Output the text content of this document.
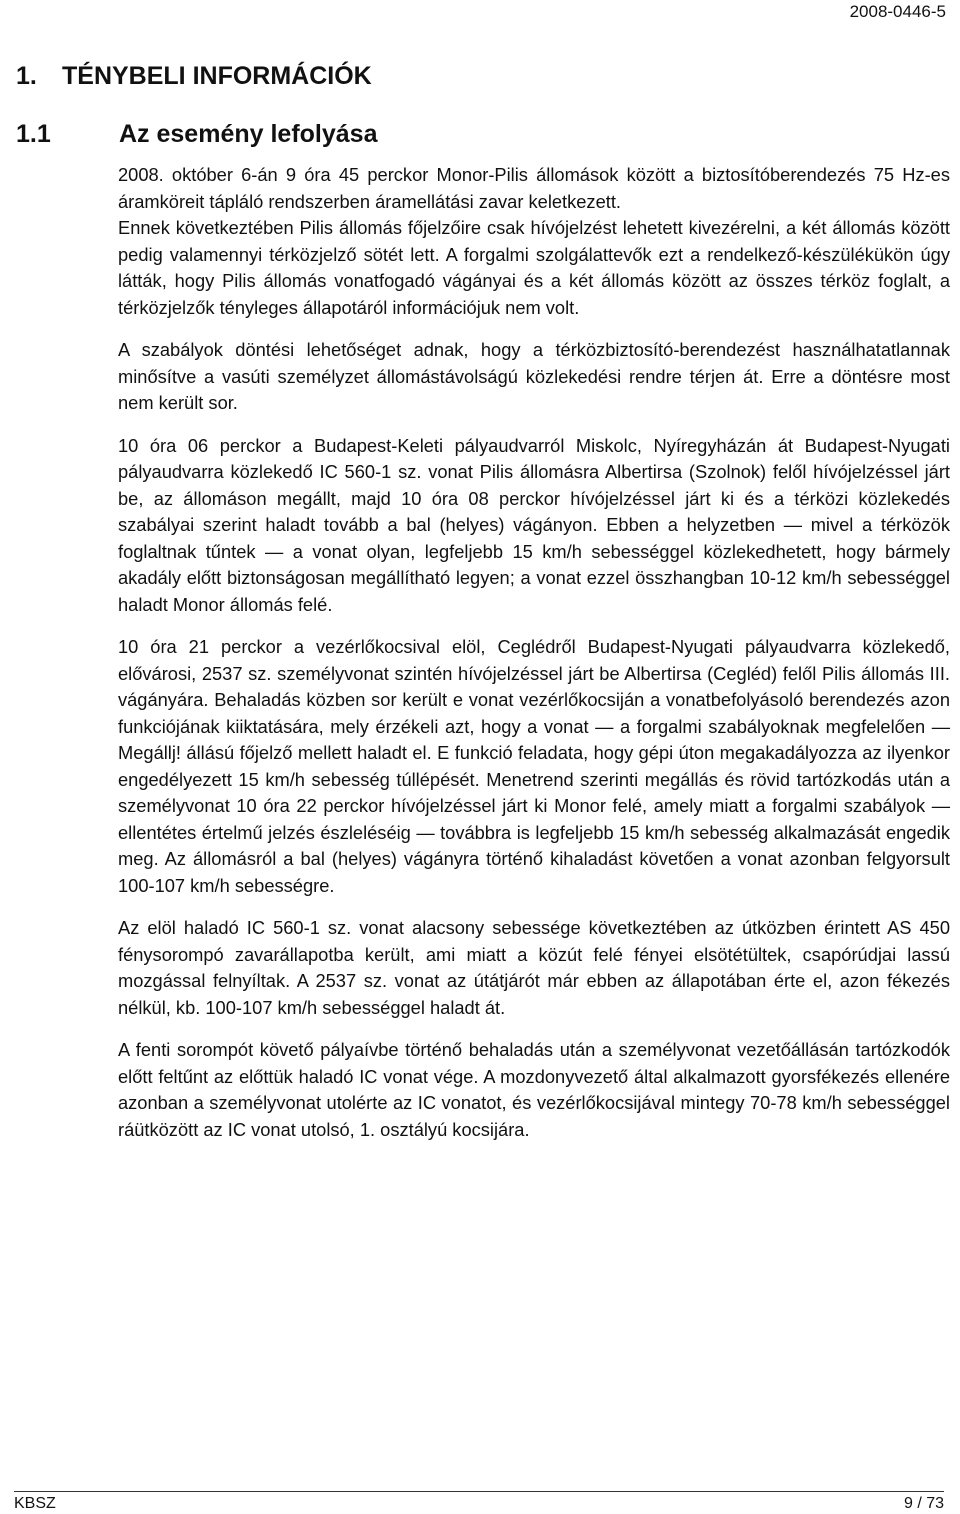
2008-0446-5
1. TÉNYBELI INFORMÁCIÓK
1.1	Az esemény lefolyása

2008. október 6-án 9 óra 45 perckor Monor-Pilis állomások között a biztosítóberendezés 75 Hz-es áramköreit tápláló rendszerben áramellátási zavar keletkezett.

Ennek következtében Pilis állomás főjelzőire csak hívójelzést lehetett kivezérelni, a két állomás között pedig valamennyi térközjelző sötét lett. A forgalmi szolgálattevők ezt a rendelkező-készülékükön úgy látták, hogy Pilis állomás vonatfogadó vágányai és a két állomás között az összes térköz foglalt, a térközjelzők tényleges állapotáról információjuk nem volt.

A szabályok döntési lehetőséget adnak, hogy a térközbiztosító-berendezést használhatatlannak minősítve a vasúti személyzet állomástávolságú közlekedési rendre térjen át. Erre a döntésre most nem került sor.

10 óra 06 perckor a Budapest-Keleti pályaudvarról Miskolc, Nyíregyházán át Budapest-Nyugati pályaudvarra közlekedő IC 560-1 sz. vonat Pilis állomásra Albertirsa (Szolnok) felől hívójelzéssel járt be, az állomáson megállt, majd 10 óra 08 perckor hívójelzéssel járt ki és a térközi közlekedés szabályai szerint haladt tovább a bal (helyes) vágányon. Ebben a helyzetben — mivel a térközök foglaltnak tűntek — a vonat olyan, legfeljebb 15 km/h sebességgel közlekedhetett, hogy bármely akadály előtt biztonságosan megállítható legyen; a vonat ezzel összhangban 10-12 km/h sebességgel haladt Monor állomás felé.

10 óra 21 perckor a vezérlőkocsival elöl, Ceglédről Budapest-Nyugati pályaudvarra közlekedő, elővárosi, 2537 sz. személyvonat szintén hívójelzéssel járt be Albertirsa (Cegléd) felől Pilis állomás III. vágányára. Behaladás közben sor került e vonat vezérlőkocsiján a vonatbefolyásoló berendezés azon funkciójának kiiktatására, mely érzékeli azt, hogy a vonat — a forgalmi szabályoknak megfelelően — Megállj! állású főjelző mellett haladt el. E funkció feladata, hogy gépi úton megakadályozza az ilyenkor engedélyezett 15 km/h sebesség túllépését. Menetrend szerinti megállás és rövid tartózkodás után a személyvonat 10 óra 22 perckor hívójelzéssel járt ki Monor felé, amely miatt a forgalmi szabályok — ellentétes értelmű jelzés észleléséig — továbbra is legfeljebb 15 km/h sebesség alkalmazását engedik meg. Az állomásról a bal (helyes) vágányra történő kihaladást követően a vonat azonban felgyorsult 100-107 km/h sebességre.

Az elöl haladó IC 560-1 sz. vonat alacsony sebessége következtében az útközben érintett AS 450 fénysorompó zavarállapotba került, ami miatt a közút felé fényei elsötétültek, csapórúdjai lassú mozgással felnyíltak. A 2537 sz. vonat az útátjárót már ebben az állapotában érte el, azon fékezés nélkül, kb. 100-107 km/h sebességgel haladt át.

A fenti sorompót követő pályaívbe történő behaladás után a személyvonat vezetőállásán tartózkodók előtt feltűnt az előttük haladó IC vonat vége. A mozdonyvezető által alkalmazott gyorsfékezés ellenére azonban a személyvonat utolérte az IC vonatot, és vezérlőkocsijával mintegy 70-78 km/h sebességgel ráütközött az IC vonat utolsó, 1. osztályú kocsijára.

KBSZ	9 / 73
